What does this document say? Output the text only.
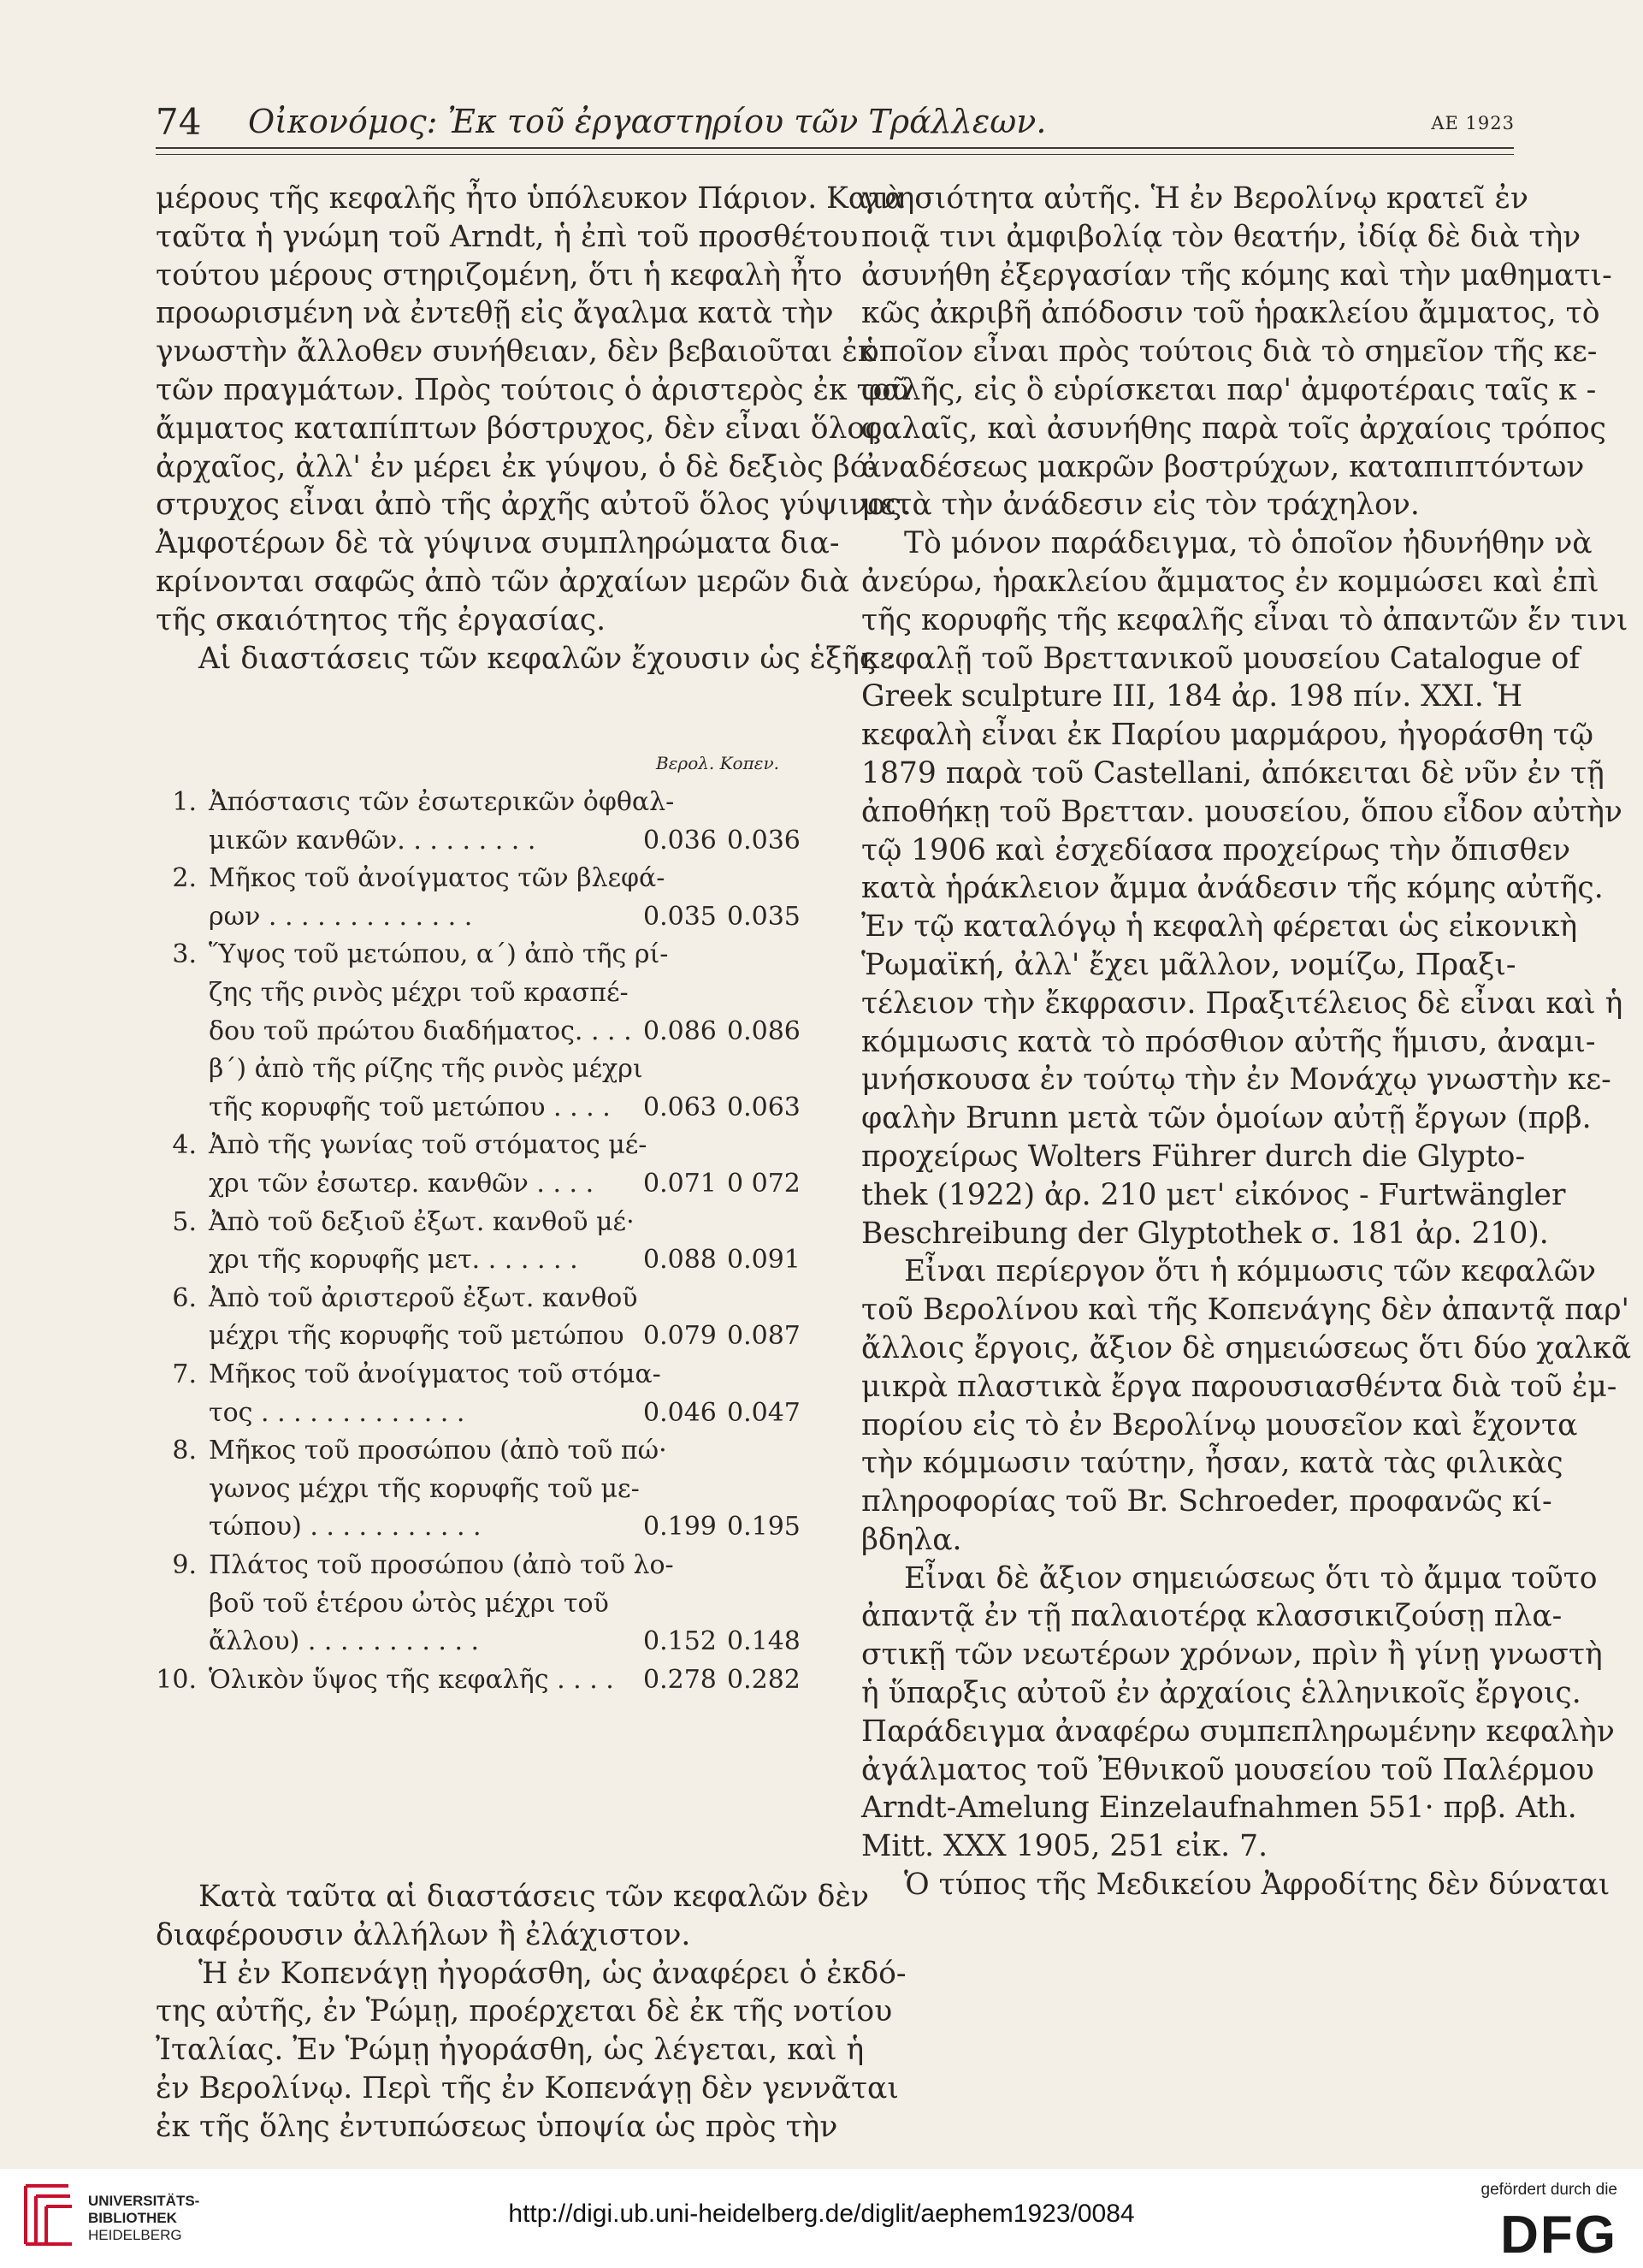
74 Οἰκονόμος: Ἐκ τοῦ ἐργαστηρίου τῶν Τράλλεων.	ΑΕ 1923
μέρους τῆς κεφαλῆς ἦτο ὑπόλευκον Πάριον. Κατὰ
ταῦτα ἡ γνώμη τοῦ Arndt, ἡ ἐπὶ τοῦ προσθέτου
τούτου μέρους στηριζομένη, ὅτι ἡ κεφαλὴ ἦτο
προωρισμένη νὰ ἐντεθῇ εἰς ἄγαλμα κατὰ τὴν
γνωστὴν ἄλλοθεν συνήθειαν, δὲν βεβαιοῦται ἐκ
τῶν πραγμάτων. Πρὸς τούτοις ὁ ἀριστερὸς ἐκ τοῦ
ἄμματος καταπίπτων βόστρυχος, δὲν εἶναι ὅλος
ἀρχαῖος, ἀλλ' ἐν μέρει ἐκ γύψου, ὁ δὲ δεξιὸς βό-
στρυχος εἶναι ἀπὸ τῆς ἀρχῆς αὐτοῦ ὅλος γύψινος.
Ἀμφοτέρων δὲ τὰ γύψινα συμπληρώματα δια-
κρίνονται σαφῶς ἀπὸ τῶν ἀρχαίων μερῶν διὰ
τῆς σκαιότητος τῆς ἐργασίας.
Αἱ διαστάσεις τῶν κεφαλῶν ἔχουσιν ὡς ἑξῆς :
Βερολ. Κοπεν.
1. Ἀπόστασις τῶν ἐσωτερικῶν ὀφθαλ-
μικῶν κανθῶν. . . . . . . . .	0.036 0.036
2. Μῆκος τοῦ ἀνοίγματος τῶν βλεφά-
ρων . . . . . . . . . . . . .	0.035 0.035
3. Ὕψος τοῦ μετώπου, α΄) ἀπὸ τῆς ρί-
ζης τῆς ρινὸς μέχρι τοῦ κρασπέ-
δου τοῦ πρώτου διαδήματος. . . . 0.086 0.086
β΄) ἀπὸ τῆς ρίζης τῆς ρινὸς μέχρι
τῆς κορυφῆς τοῦ μετώπου . . . .	0.063 0.063
4. Ἀπὸ τῆς γωνίας τοῦ στόματος μέ-
χρι τῶν ἐσωτερ. κανθῶν . . . .	0.071 0 072
5. Ἀπὸ τοῦ δεξιοῦ ἐξωτ. κανθοῦ μέ·
χρι τῆς κορυφῆς μετ. . . . . . .	0.088 0.091
6. Ἀπὸ τοῦ ἀριστεροῦ ἐξωτ. κανθοῦ
μέχρι τῆς κορυφῆς τοῦ μετώπου 0.079 0.087
7. Μῆκος τοῦ ἀνοίγματος τοῦ στόμα-
τος . . . . . . . . . . . . .	0.046 0.047
8. Μῆκος τοῦ προσώπου (ἀπὸ τοῦ πώ·
γωνος μέχρι τῆς κορυφῆς τοῦ με-
τώπου) . . . . . . . . . . .	0.199 0.195
9. Πλάτος τοῦ προσώπου (ἀπὸ τοῦ λο-
βοῦ τοῦ ἑτέρου ὠτὸς μέχρι τοῦ
ἄλλου) . . . . . . . . . . .	0.152 0.148
10. Ὁλικὸν ὕψος τῆς κεφαλῆς . . . . 0.278 0.282
Κατὰ ταῦτα αἱ διαστάσεις τῶν κεφαλῶν δὲν
διαφέρουσιν ἀλλήλων ἢ ἐλάχιστον.
Ἡ ἐν Κοπενάγῃ ἠγοράσθη, ὡς ἀναφέρει ὁ ἐκδό-
της αὐτῆς, ἐν Ῥώμῃ, προέρχεται δὲ ἐκ τῆς νοτίου
Ἰταλίας. Ἐν Ῥώμῃ ἠγοράσθη, ὡς λέγεται, καὶ ἡ
ἐν Βερολίνῳ. Περὶ τῆς ἐν Κοπενάγῃ δὲν γεννᾶται
ἐκ τῆς ὅλης ἐντυπώσεως ὑποψία ὡς πρὸς τὴν
γνησιότητα αὐτῆς. Ἡ ἐν Βερολίνῳ κρατεῖ ἐν
ποιᾷ τινι ἀμφιβολίᾳ τὸν θεατήν, ἰδίᾳ δὲ διὰ τὴν
ἀσυνήθη ἐξεργασίαν τῆς κόμης καὶ τὴν μαθηματι-
κῶς ἀκριβῆ ἀπόδοσιν τοῦ ἡρακλείου ἄμματος, τὸ
ὁποῖον εἶναι πρὸς τούτοις διὰ τὸ σημεῖον τῆς κε-
φαλῆς, εἰς ὃ εὑρίσκεται παρ' ἀμφοτέραις ταῖς κ -
φαλαῖς, καὶ ἀσυνήθης παρὰ τοῖς ἀρχαίοις τρόπος
ἀναδέσεως μακρῶν βοστρύχων, καταπιπτόντων
μετὰ τὴν ἀνάδεσιν εἰς τὸν τράχηλον.
Τὸ μόνον παράδειγμα, τὸ ὁποῖον ἠδυνήθην νὰ
ἀνεύρω, ἡρακλείου ἄμματος ἐν κομμώσει καὶ ἐπὶ
τῆς κορυφῆς τῆς κεφαλῆς εἶναι τὸ ἀπαντῶν ἔν τινι
κεφαλῇ τοῦ Βρεττανικοῦ μουσείου Catalogue of
Greek sculpture III, 184 ἀρ. 198 πίν. XXI. Ἡ
κεφαλὴ εἶναι ἐκ Παρίου μαρμάρου, ἠγοράσθη τῷ
1879 παρὰ τοῦ Castellani, ἀπόκειται δὲ νῦν ἐν τῇ
ἀποθήκῃ τοῦ Βρετταν. μουσείου, ὅπου εἶδον αὐτὴν
τῷ 1906 καὶ ἐσχεδίασα προχείρως τὴν ὄπισθεν
κατὰ ἡράκλειον ἄμμα ἀνάδεσιν τῆς κόμης αὐτῆς.
Ἐν τῷ καταλόγῳ ἡ κεφαλὴ φέρεται ὡς εἰκονικὴ
Ῥωμαϊκή, ἀλλ' ἔχει μᾶλλον, νομίζω, Πραξι-
τέλειον τὴν ἔκφρασιν. Πραξιτέλειος δὲ εἶναι καὶ ἡ
κόμμωσις κατὰ τὸ πρόσθιον αὐτῆς ἥμισυ, ἀναμι-
μνήσκουσα ἐν τούτῳ τὴν ἐν Μονάχῳ γνωστὴν κε-
φαλὴν Brunn μετὰ τῶν ὁμοίων αὐτῇ ἔργων (πρβ.
προχείρως Wolters Führer durch die Glypto-
thek (1922) ἀρ. 210 μετ' εἰκόνος - Furtwängler
Beschreibung der Glyptothek σ. 181 ἀρ. 210).
Εἶναι περίεργον ὅτι ἡ κόμμωσις τῶν κεφαλῶν
τοῦ Βερολίνου καὶ τῆς Κοπενάγης δὲν ἀπαντᾷ παρ'
ἄλλοις ἔργοις, ἄξιον δὲ σημειώσεως ὅτι δύο χαλκᾶ
μικρὰ πλαστικὰ ἔργα παρουσιασθέντα διὰ τοῦ ἐμ-
πορίου εἰς τὸ ἐν Βερολίνῳ μουσεῖον καὶ ἔχοντα
τὴν κόμμωσιν ταύτην, ἦσαν, κατὰ τὰς φιλικὰς
πληροφορίας τοῦ Br. Schroeder, προφανῶς κί-
βδηλα.
Εἶναι δὲ ἄξιον σημειώσεως ὅτι τὸ ἄμμα τοῦτο
ἀπαντᾷ ἐν τῇ παλαιοτέρᾳ κλασσικιζούσῃ πλα-
στικῇ τῶν νεωτέρων χρόνων, πρὶν ἢ γίνῃ γνωστὴ
ἡ ὕπαρξις αὐτοῦ ἐν ἀρχαίοις ἑλληνικοῖς ἔργοις.
Παράδειγμα ἀναφέρω συμπεπληρωμένην κεφαλὴν
ἀγάλματος τοῦ Ἐθνικοῦ μουσείου τοῦ Παλέρμου
Arndt-Amelung Einzelaufnahmen 551· πρβ. Ath.
Mitt. XXX 1905, 251 εἰκ. 7.
Ὁ τύπος τῆς Μεδικείου Ἀφροδίτης δὲν δύναται
UNIVERSITÄTS-
BIBLIOTHEK
HEIDELBERG
http://digi.ub.uni-heidelberg.de/diglit/aephem1923/0084
gefördert durch die
DFG
